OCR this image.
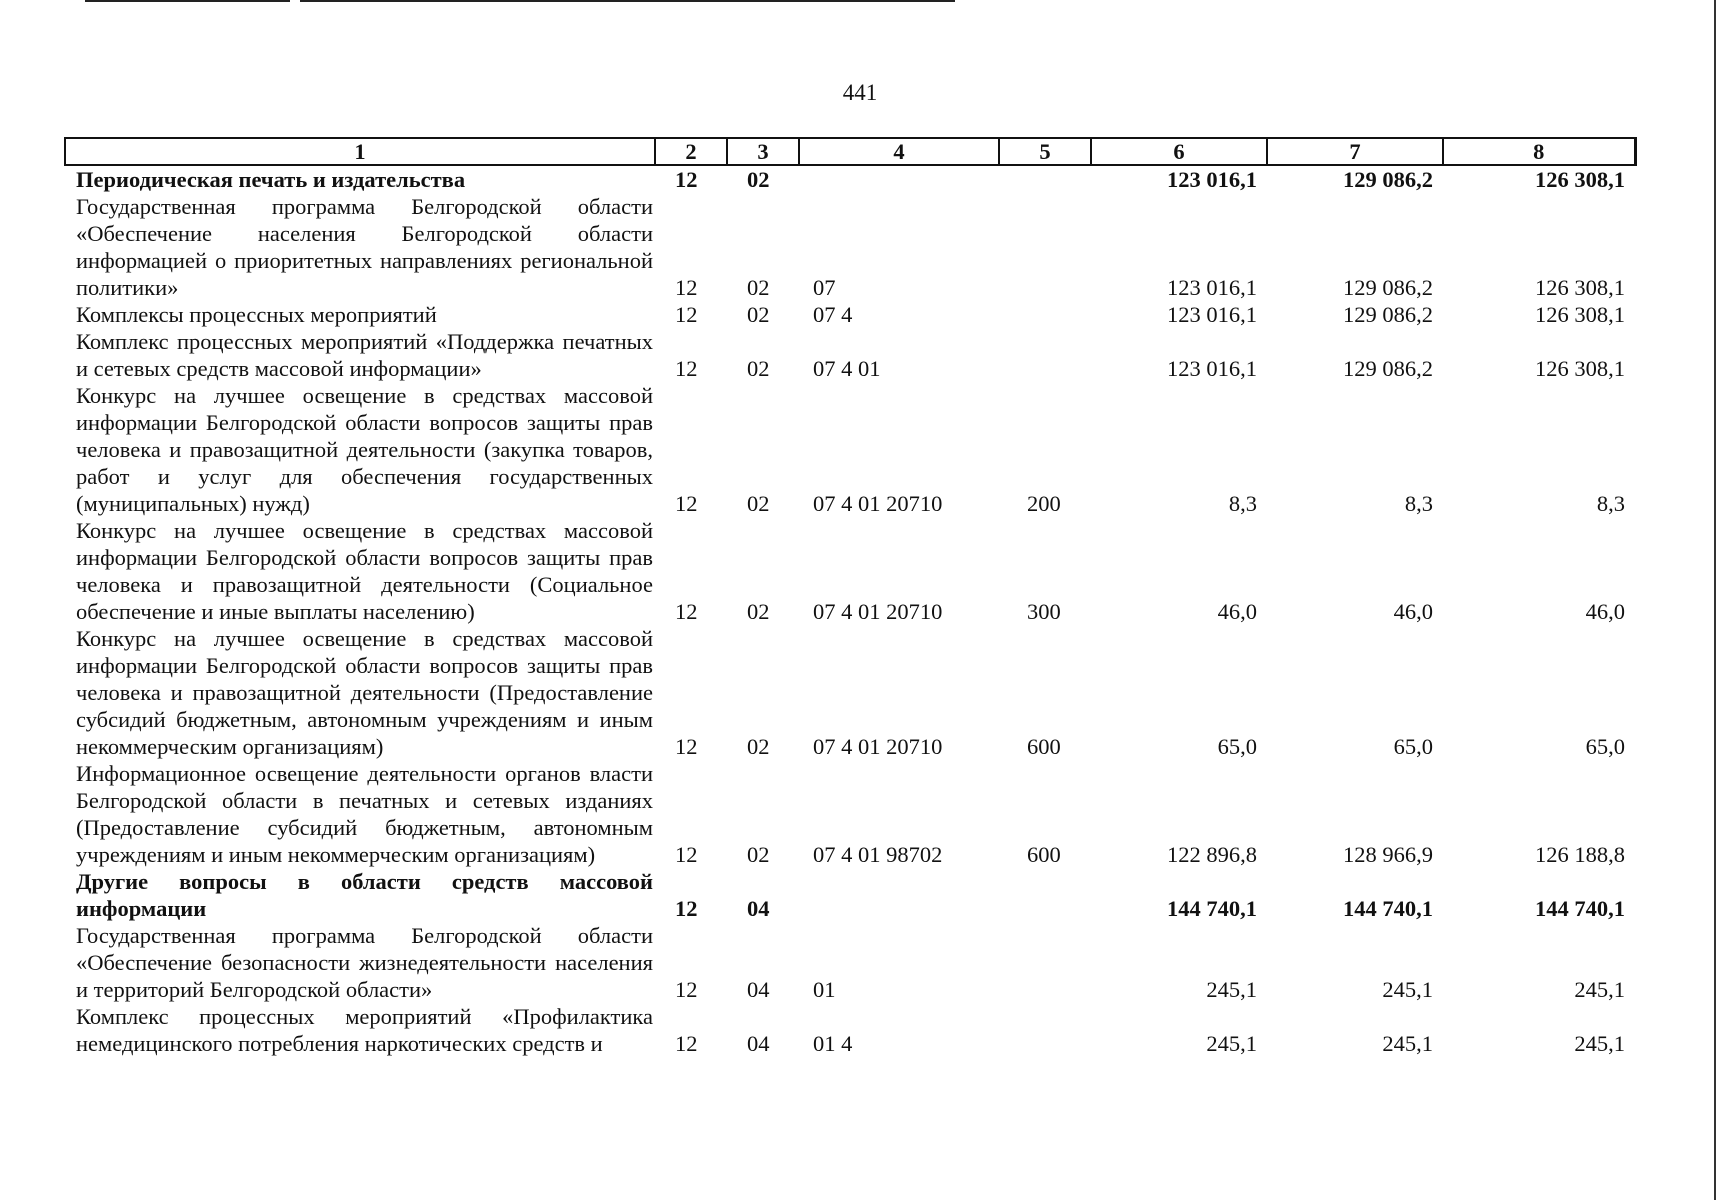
441
1	2	3	4	5	6	7	8
Периодическая печать и издательства	12	02			123 016,1	129 086,2	126 308,1
Государственная программа Белгородской области «Обеспечение населения Белгородской области информацией о приоритетных направлениях региональной политики»	12	02	07		123 016,1	129 086,2	126 308,1
Комплексы процессных мероприятий	12	02	07 4		123 016,1	129 086,2	126 308,1
Комплекс процессных мероприятий «Поддержка печатных и сетевых средств массовой информации»	12	02	07 4 01		123 016,1	129 086,2	126 308,1
Конкурс на лучшее освещение в средствах массовой информации Белгородской области вопросов защиты прав человека и правозащитной деятельности (закупка товаров, работ и услуг для обеспечения государственных (муниципальных) нужд)	12	02	07 4 01 20710	200	8,3	8,3	8,3
Конкурс на лучшее освещение в средствах массовой информации Белгородской области вопросов защиты прав человека и правозащитной деятельности (Социальное обеспечение и иные выплаты населению)	12	02	07 4 01 20710	300	46,0	46,0	46,0
Конкурс на лучшее освещение в средствах массовой информации Белгородской области вопросов защиты прав человека и правозащитной деятельности (Предоставление субсидий бюджетным, автономным учреждениям и иным некоммерческим организациям)	12	02	07 4 01 20710	600	65,0	65,0	65,0
Информационное освещение деятельности органов власти Белгородской области в печатных и сетевых изданиях (Предоставление субсидий бюджетным, автономным учреждениям и иным некоммерческим организациям)	12	02	07 4 01 98702	600	122 896,8	128 966,9	126 188,8
Другие вопросы в области средств массовой информации	12	04			144 740,1	144 740,1	144 740,1
Государственная программа Белгородской области «Обеспечение безопасности жизнедеятельности населения и территорий Белгородской области»	12	04	01		245,1	245,1	245,1
Комплекс процессных мероприятий «Профилактика немедицинского потребления наркотических средств и	12	04	01 4		245,1	245,1	245,1
